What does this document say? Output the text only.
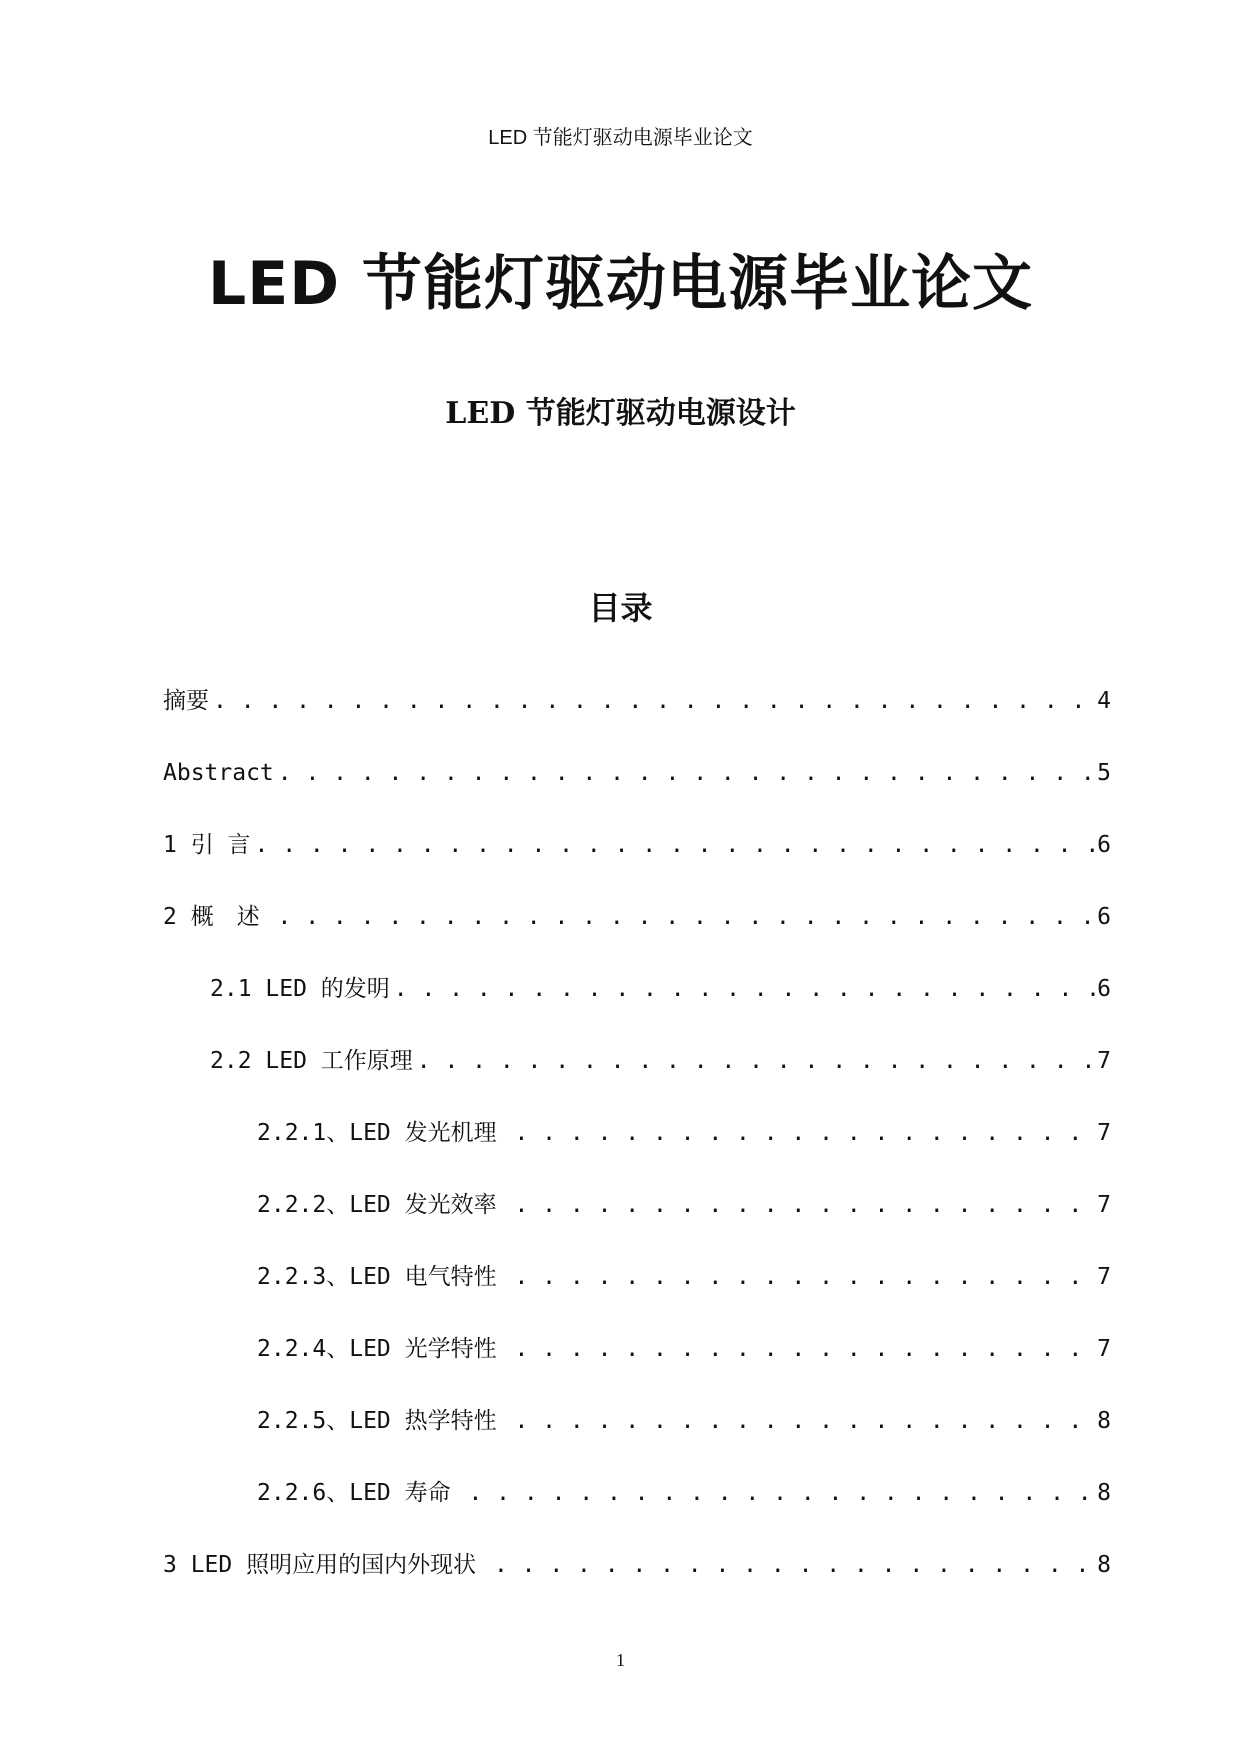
LED 节能灯驱动电源毕业论文
LED 节能灯驱动电源毕业论文
LED 节能灯驱动电源设计
目录
摘要 . . .	4
Abstract . . .	5
1 引 言 . . .	6
2 概　述 . . .	6
2.1 LED 的发明 . . .	6
2.2 LED 工作原理 . . .	7
2.2.1、LED 发光机理 . . .	7
2.2.2、LED 发光效率 . . .	7
2.2.3、LED 电气特性 . . .	7
2.2.4、LED 光学特性 . . .	7
2.2.5、LED 热学特性 . . .	8
2.2.6、LED 寿命 . . .	8
3 LED 照明应用的国内外现状 . . .	8
1
